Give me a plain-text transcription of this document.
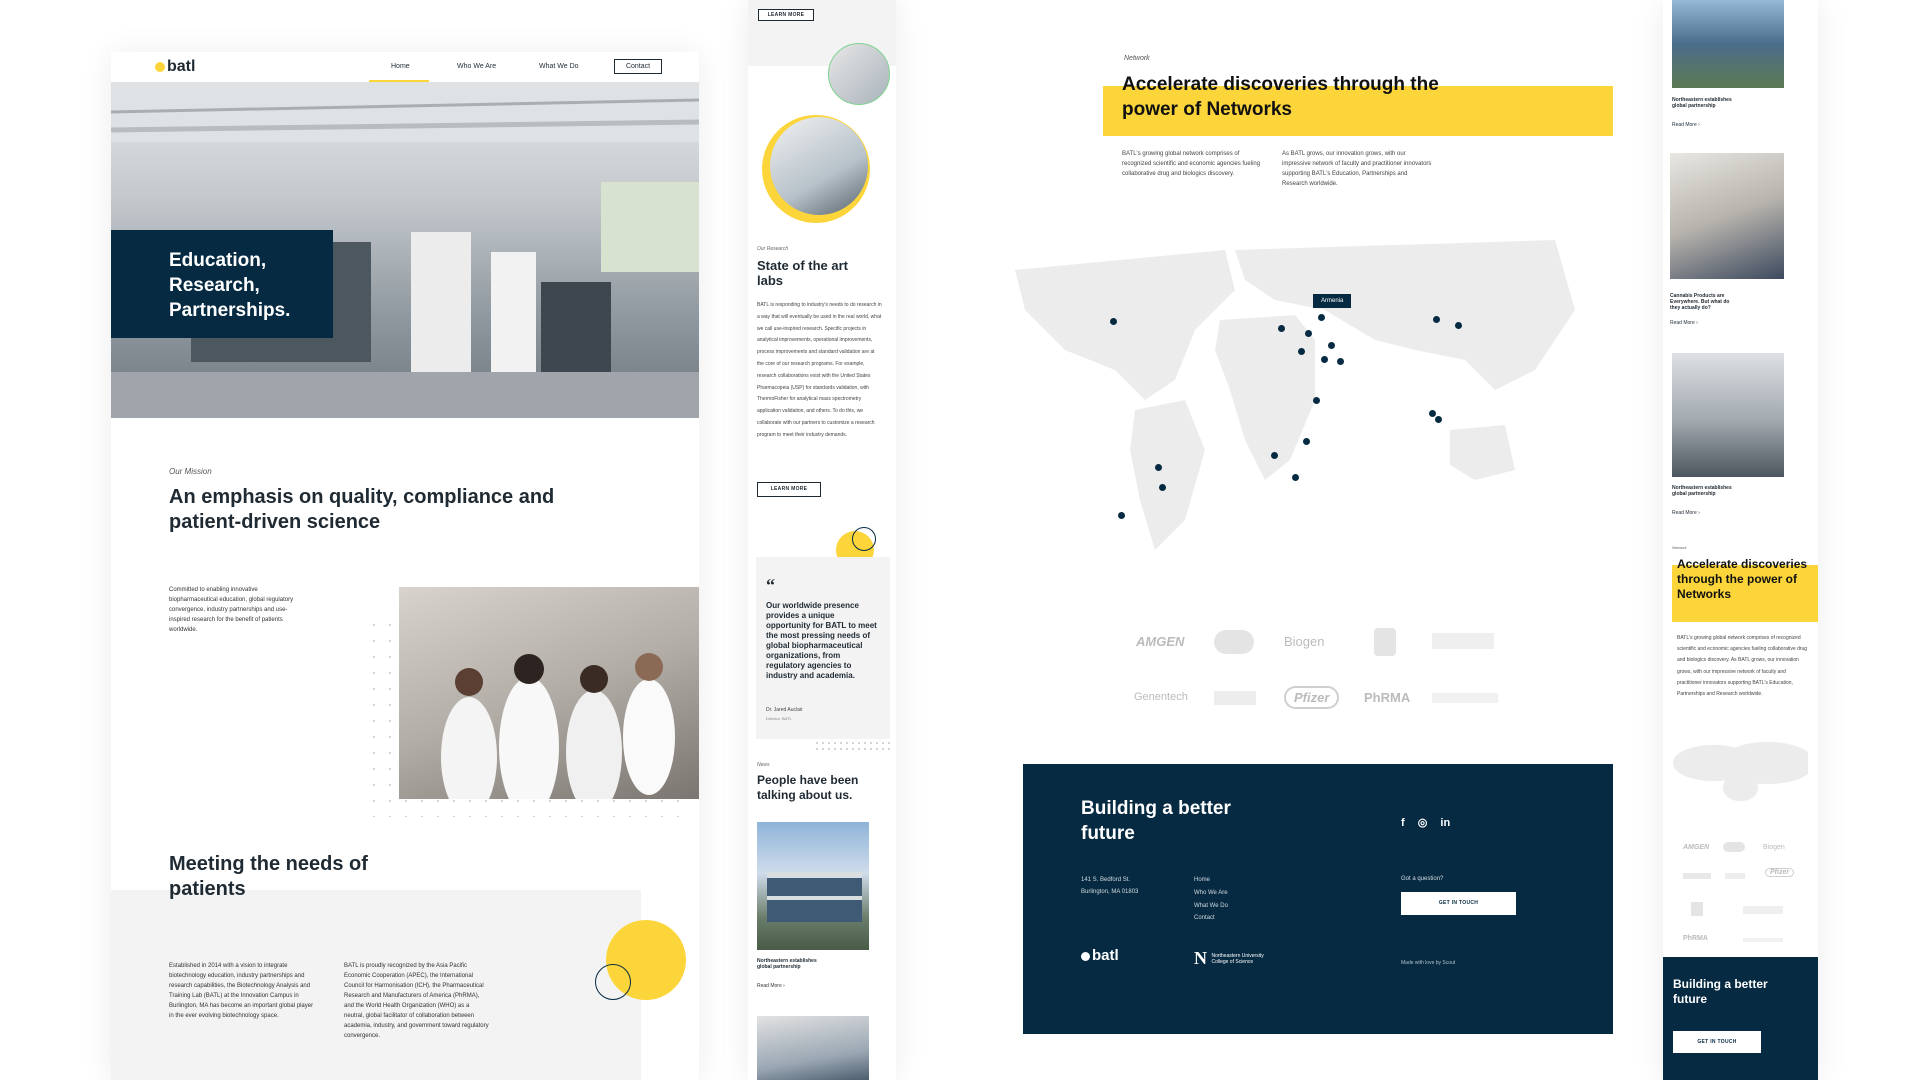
batl	Home	Who We Are	What We Do	Contact
Education,
Research,
Partnerships.
Our Mission
An emphasis on quality, compliance and patient-driven science
Committed to enabling innovative biopharmaceutical education, global regulatory convergence, industry partnerships and use-inspired research for the benefit of patients worldwide.
Meeting the needs of patients
Established in 2014 with a vision to integrate biotechnology education, industry partnerships and research capabilities, the Biotechnology Analysis and Training Lab (BATL) at the Innovation Campus in Burlington, MA has become an important global player in the ever evolving biotechnology space.
BATL is proudly recognized by the Asia Pacific Economic Cooperation (APEC), the International Council for Harmonisation (ICH), the Pharmaceutical Research and Manufacturers of America (PhRMA), and the World Health Organization (WHO) as a neutral, global facilitator of collaboration between academia, industry, and government toward regulatory convergence.
LEARN MORE
Our Research
State of the art labs
BATL is responding to industry's needs to do research in a way that will eventually be used in the real world, what we call use-inspired research. Specific projects in analytical improvements, operational improvements, process improvements and standard validation are at the core of our research programs. For example, research collaborations exist with the United States Pharmacopeia (USP) for standards validation, with ThermoFisher for analytical mass spectrometry application validation, and others. To do this, we collaborate with our partners to customize a research program to meet their industry demands.
LEARN MORE
“
Our worldwide presence provides a unique opportunity for BATL to meet the most pressing needs of global biopharmaceutical organizations, from regulatory agencies to industry and academia.
Dr. Jared Auclair
Director, BATL
News
People have been talking about us.
Northeastern establishes global partnership
Read More ›
Network
Accelerate discoveries through the power of Networks
BATL's growing global network comprises of recognized scientific and economic agencies fueling collaborative drug and biologics discovery.
As BATL grows, our innovation grows, with our impressive network of faculty and practitioner innovators supporting BATL's Education, Partnerships and Research worldwide.
Armenia
AMGEN	Biogen
Genentech	Pfizer	PhRMA
Building a better future	f ◎ in
141 S. Bedford St.
Burlington, MA 01803
Home
Who We Are
What We Do
Contact
Got a question?
GET IN TOUCH
batl	N Northeastern University
College of Science	Made with love by Scout
Northeastern establishes global partnership
Read More ›
Cannabis Products are Everywhere. But what do they actually do?
Read More ›
Northeastern establishes global partnership
Read More ›
Network
Accelerate discoveries through the power of Networks
BATL's growing global network comprises of recognized scientific and economic agencies fueling collaborative drug and biologics discovery. As BATL grows, our innovation grows, with our impressive network of faculty and practitioner innovators supporting BATL's Education, Partnerships and Research worldwide.
AMGEN	Biogen
Pfizer
PhRMA
Building a better future
GET IN TOUCH
